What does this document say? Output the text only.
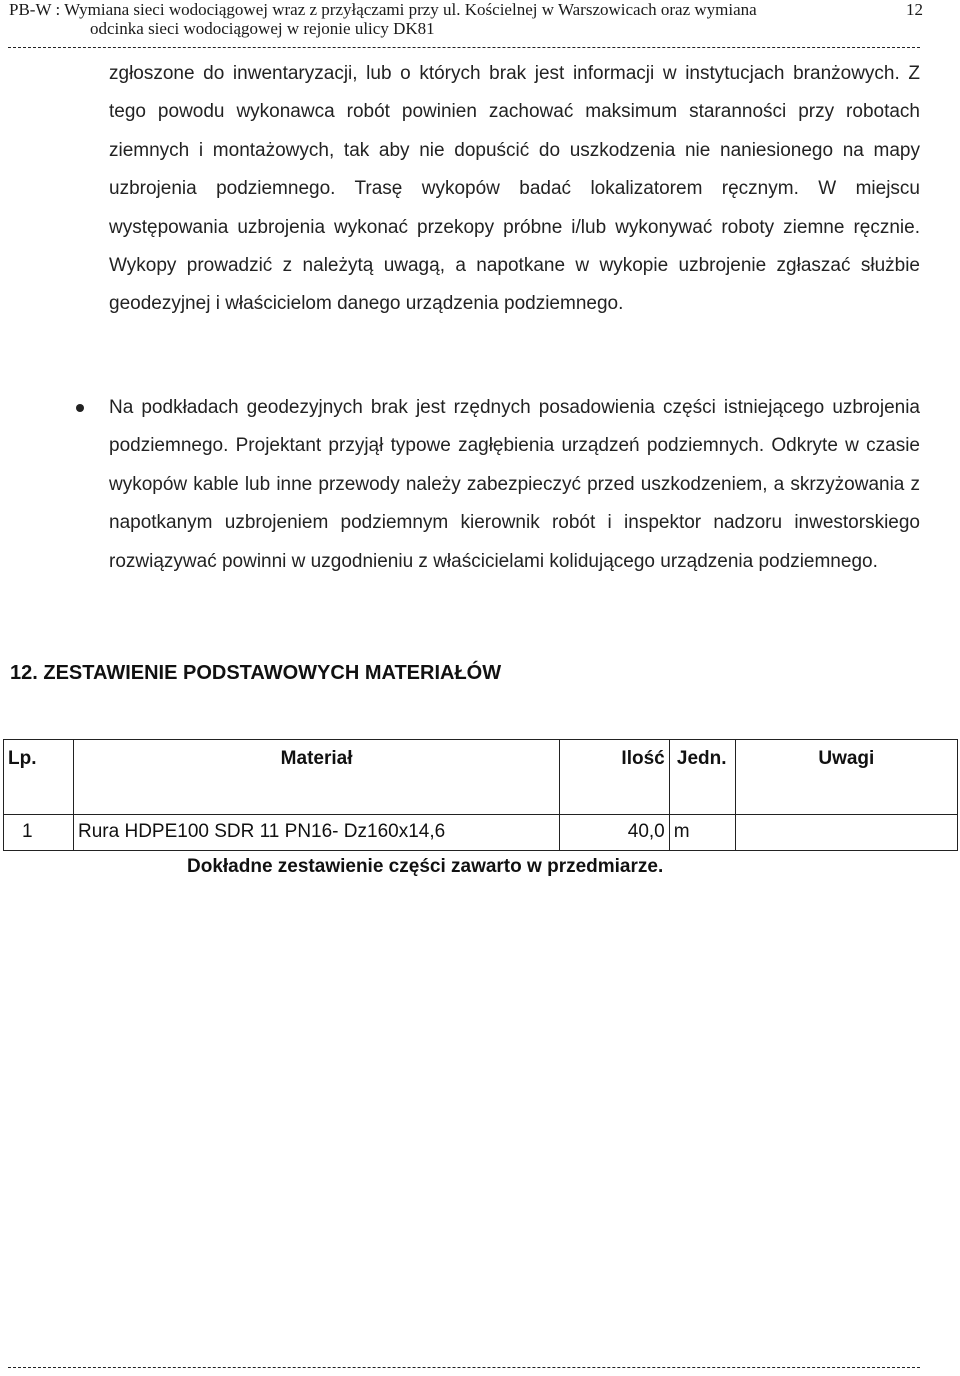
PB-W : Wymiana sieci wodociągowej wraz z przyłączami przy ul. Kościelnej w Warszowicach oraz wymiana
odcinka sieci wodociągowej w rejonie ulicy DK81
12

zgłoszone do inwentaryzacji, lub o których brak jest informacji w instytucjach branżowych. Z tego powodu wykonawca robót powinien zachować maksimum staranności przy robotach ziemnych i montażowych, tak aby nie dopuścić do uszkodzenia nie naniesionego na mapy uzbrojenia podziemnego. Trasę wykopów badać lokalizatorem ręcznym. W miejscu występowania uzbrojenia wykonać przekopy próbne i/lub wykonywać roboty ziemne ręcznie. Wykopy prowadzić z należytą uwagą, a napotkane w wykopie uzbrojenie zgłaszać służbie geodezyjnej i właścicielom danego urządzenia podziemnego.

Na podkładach geodezyjnych brak jest rzędnych posadowienia części istniejącego uzbrojenia podziemnego. Projektant przyjął typowe zagłębienia urządzeń podziemnych. Odkryte w czasie wykopów kable lub inne przewody należy zabezpieczyć przed uszkodzeniem, a skrzyżowania z napotkanym uzbrojeniem podziemnym kierownik robót i inspektor nadzoru inwestorskiego rozwiązywać powinni w uzgodnieniu z właścicielami kolidującego urządzenia podziemnego.

12. ZESTAWIENIE PODSTAWOWYCH MATERIAŁÓW
Lp.	Materiał	Ilość	Jedn.	Uwagi
1	Rura HDPE100 SDR 11 PN16- Dz160x14,6	40,0	m	

Dokładne zestawienie części zawarto w przedmiarze.
